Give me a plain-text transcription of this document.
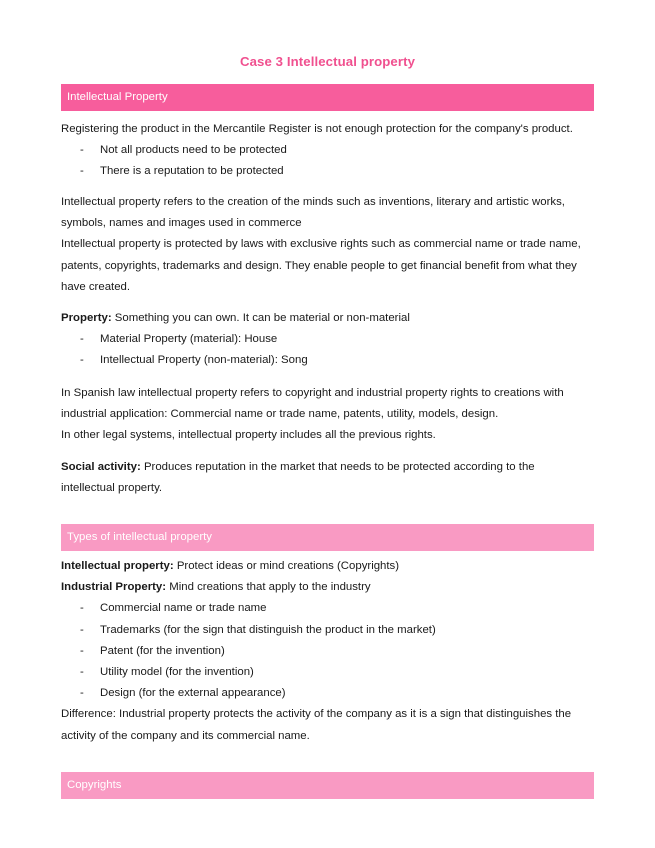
Case 3 Intellectual property
Intellectual Property

Registering the product in the Mercantile Register is not enough protection for the company's product.

- Not all products need to be protected
- There is a reputation to be protected

Intellectual property refers to the creation of the minds such as inventions, literary and artistic works,

symbols, names and images used in commerce

Intellectual property is protected by laws with exclusive rights such as commercial name or trade name,

patents, copyrights, trademarks and design. They enable people to get financial benefit from what they

have created.

Property: Something you can own. It can be material or non-material

- Material Property (material): House
- Intellectual Property (non-material): Song

In Spanish law intellectual property refers to copyright and industrial property rights to creations with

industrial application: Commercial name or trade name, patents, utility, models, design.

In other legal systems, intellectual property includes all the previous rights.

Social activity: Produces reputation in the market that needs to be protected according to the

intellectual property.

Types of intellectual property

Intellectual property: Protect ideas or mind creations (Copyrights)

Industrial Property: Mind creations that apply to the industry

- Commercial name or trade name
- Trademarks (for the sign that distinguish the product in the market)
- Patent (for the invention)
- Utility model (for the invention)
- Design (for the external appearance)

Difference: Industrial property protects the activity of the company as it is a sign that distinguishes the

activity of the company and its commercial name.

Copyrights
